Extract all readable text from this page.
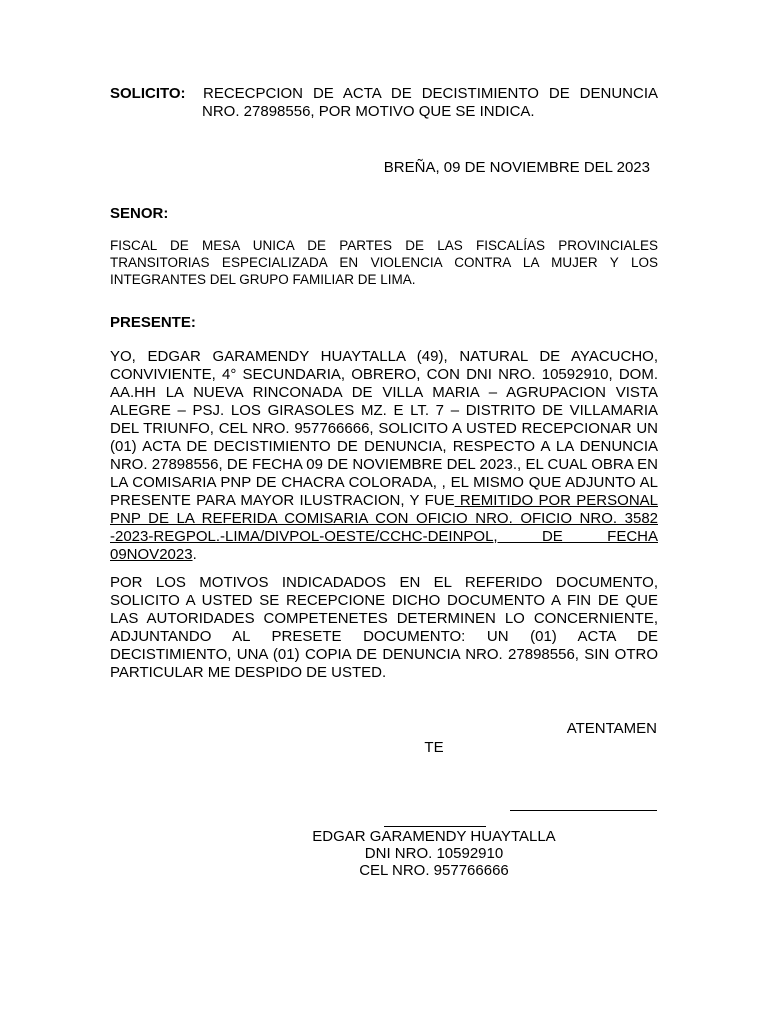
SOLICITO:	RECECPCION DE ACTA DE DECISTIMIENTO DE DENUNCIA
NRO. 27898556, POR MOTIVO QUE SE INDICA.
BREÑA, 09 DE NOVIEMBRE DEL 2023
SENOR:
FISCAL DE MESA UNICA DE PARTES DE LAS FISCALÍAS PROVINCIALES TRANSITORIAS ESPECIALIZADA EN VIOLENCIA CONTRA LA MUJER Y LOS INTEGRANTES DEL GRUPO FAMILIAR DE LIMA.
PRESENTE:

YO, EDGAR GARAMENDY HUAYTALLA (49), NATURAL DE AYACUCHO, CONVIVIENTE, 4° SECUNDARIA, OBRERO, CON DNI NRO. 10592910, DOM. AA.HH LA NUEVA RINCONADA DE VILLA MARIA – AGRUPACION VISTA ALEGRE – PSJ. LOS GIRASOLES MZ. E LT. 7 – DISTRITO DE VILLAMARIA DEL TRIUNFO, CEL NRO. 957766666, SOLICITO A USTED RECEPCIONAR UN (01) ACTA DE DECISTIMIENTO DE DENUNCIA, RESPECTO A LA DENUNCIA NRO. 27898556, DE FECHA 09 DE NOVIEMBRE DEL 2023., EL CUAL OBRA EN LA COMISARIA PNP DE CHACRA COLORADA, , EL MISMO QUE ADJUNTO AL PRESENTE PARA MAYOR ILUSTRACION, Y FUE REMITIDO POR PERSONAL PNP DE LA REFERIDA COMISARIA CON OFICIO NRO. OFICIO NRO. 3582 -2023-REGPOL.-LIMA/DIVPOL-OESTE/CCHC-DEINPOL, DE FECHA 09NOV2023.

POR LOS MOTIVOS INDICADADOS EN EL REFERIDO DOCUMENTO, SOLICITO A USTED SE RECEPCIONE DICHO DOCUMENTO A FIN DE QUE LAS AUTORIDADES COMPETENETES DETERMINEN LO CONCERNIENTE, ADJUNTANDO AL PRESETE DOCUMENTO: UN (01) ACTA DE DECISTIMIENTO, UNA (01) COPIA DE DENUNCIA NRO. 27898556, SIN OTRO PARTICULAR ME DESPIDO DE USTED.

ATENTAMEN
TE
EDGAR GARAMENDY HUAYTALLA
DNI NRO. 10592910
CEL NRO. 957766666
